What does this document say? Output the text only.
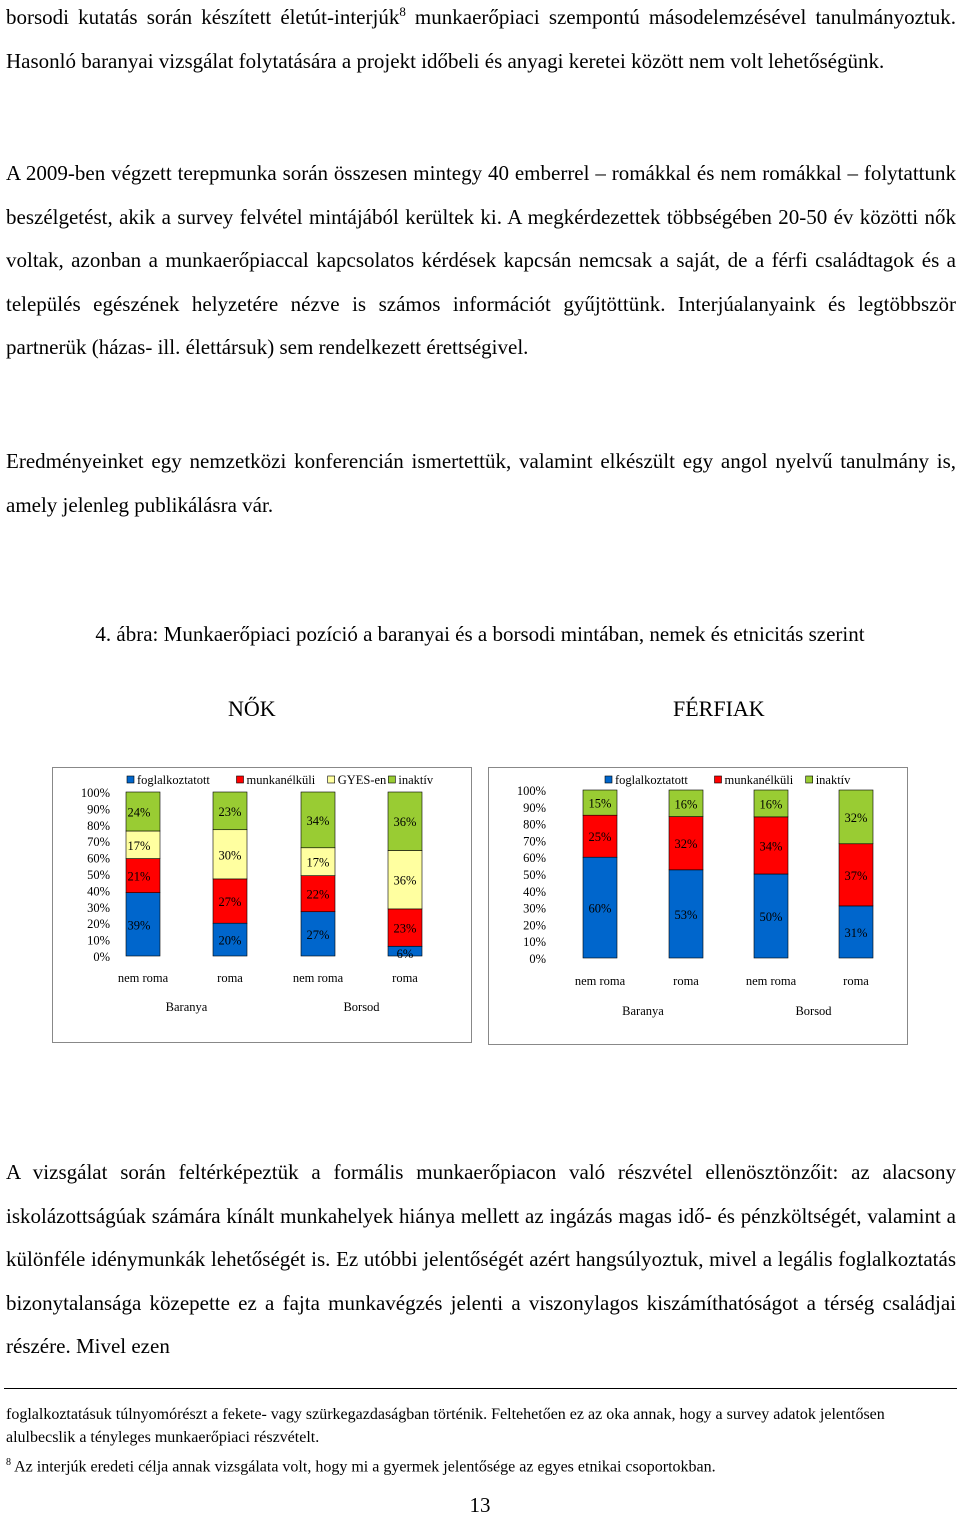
borsodi kutatás során készített életút-interjúk$^8$ munkaerőpiaci szempontú másodelemzésével tanulmányoztuk. Hasonló baranyai vizsgálat folytatására a projekt időbeli és anyagi keretei között nem volt lehetőségünk.

A 2009-ben végzett terepmunka során összesen mintegy 40 emberrel – romákkal és nem romákkal – folytattunk beszélgetést, akik a survey felvétel mintájából kerültek ki. A megkérdezettek többségében 20-50 év közötti nők voltak, azonban a munkaerőpiaccal kapcsolatos kérdések kapcsán nemcsak a saját, de a férfi családtagok és a település egészének helyzetére nézve is számos információt gyűjtöttünk. Interjúalanyaink és legtöbbször partnerük (házas- ill. élettársuk) sem rendelkezett érettségivel.

Eredményeinket egy nemzetközi konferencián ismertettük, valamint elkészült egy angol nyelvű tanulmány is, amely jelenleg publikálásra vár.

4. ábra: Munkaerőpiaci pozíció a baranyai és a borsodi mintában, nemek és etnicitás szerint
NŐK	FÉRFIAK
100%
90%
80%
70%
60%
50%
40%
30%
20%
10%
0%
foglalkoztatott	munkanélküli GYES-en inaktív
39%
21%
17%
24%
nem roma
20%
27%
30%
23%
roma
27%
22%
17%
34%
nem roma
6%
23%
36%
36%
roma
Baranya	Borsod
100%
90%
80%
70%
60%
50%
40%
30%
20%
10%
0%
foglalkoztatott	munkanélküli inaktív
60%
25%
15%
nem roma
53%
32%
16%
roma
50%
34%
16%
nem roma
31%
37%
32%
roma
Baranya	Borsod

A vizsgálat során feltérképeztük a formális munkaerőpiacon való részvétel ellenösztönzőit: az alacsony iskolázottságúak számára kínált munkahelyek hiánya mellett az ingázás magas idő- és pénzköltségét, valamint a különféle idénymunkák lehetőségét is. Ez utóbbi jelentőségét azért hangsúlyoztuk, mivel a legális foglalkoztatás bizonytalansága közepette ez a fajta munkavégzés jelenti a viszonylagos kiszámíthatóságot a térség családjai részére. Mivel ezen

foglalkoztatásuk túlnyomórészt a fekete- vagy szürkegazdaságban történik. Feltehetően ez az oka annak, hogy a survey adatok jelentősen alulbecslik a tényleges munkaerőpiaci részvételt.

$^8$ Az interjúk eredeti célja annak vizsgálata volt, hogy mi a gyermek jelentősége az egyes etnikai csoportokban.

13
